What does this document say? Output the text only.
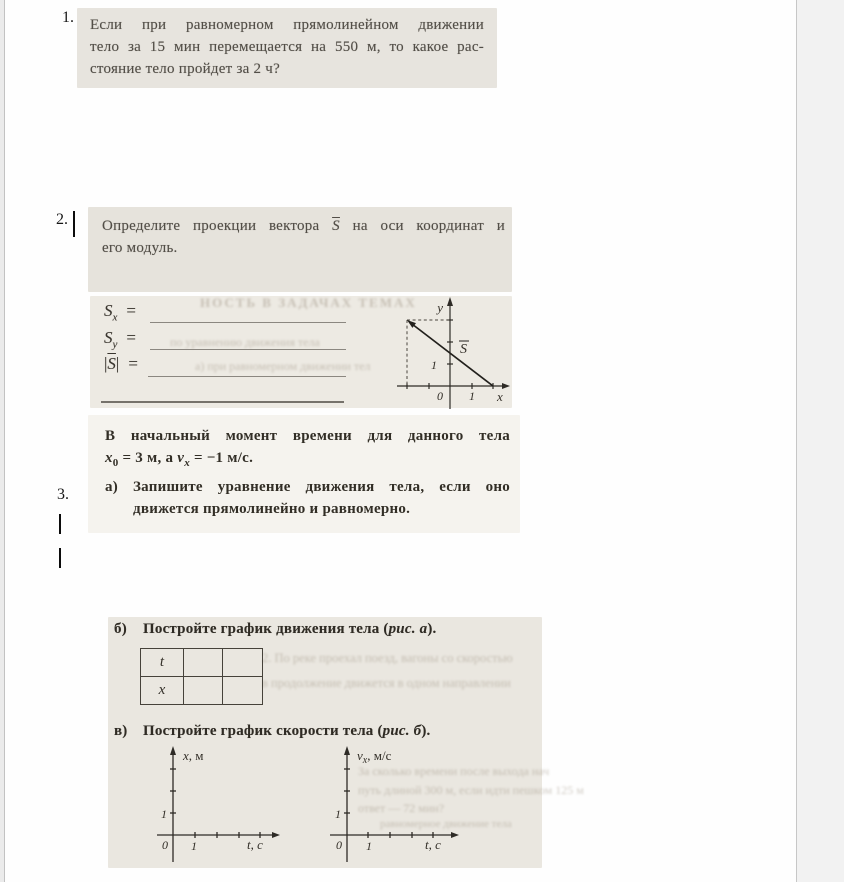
НОСТЬ В ЗАДАЧАХ ТЕМАХ
по уравнению движения тела
а) при равномерном движении тел
2. По реке проехал поезд, вагоны со скоростью
в продолжение движется в одном направлении
За сколько времени после выхода нач
путь длиной 300 м, если идти пешком 125 м
ответ — 72 мин?
равномерное движение тела
1.
2.
3.
Если при равномерном прямолинейном движении
тело за 15 мин перемещается на 550 м, то какое рас-
стояние тело пройдет за 2 ч?
Определите проекции вектора $\overline{S}$ на оси координат и
его модуль.
$S_x$ =
$S_y$ =
$|\overline{S}|$ =
y
x
0 1
1
S
В начальный момент времени для данного тела
$x_0 = 3$ м, а $v_x = -1$ м/с.
а)	Запишите уравнение движения тела, если оно
движется прямолинейно и равномерно.
б)	Постройте график движения тела (рис. а).
t
x
в)	Постройте график скорости тела (рис. б).
x, м
1
0 1	t, c
$v_x$, м/с
1
0 1	t, c
